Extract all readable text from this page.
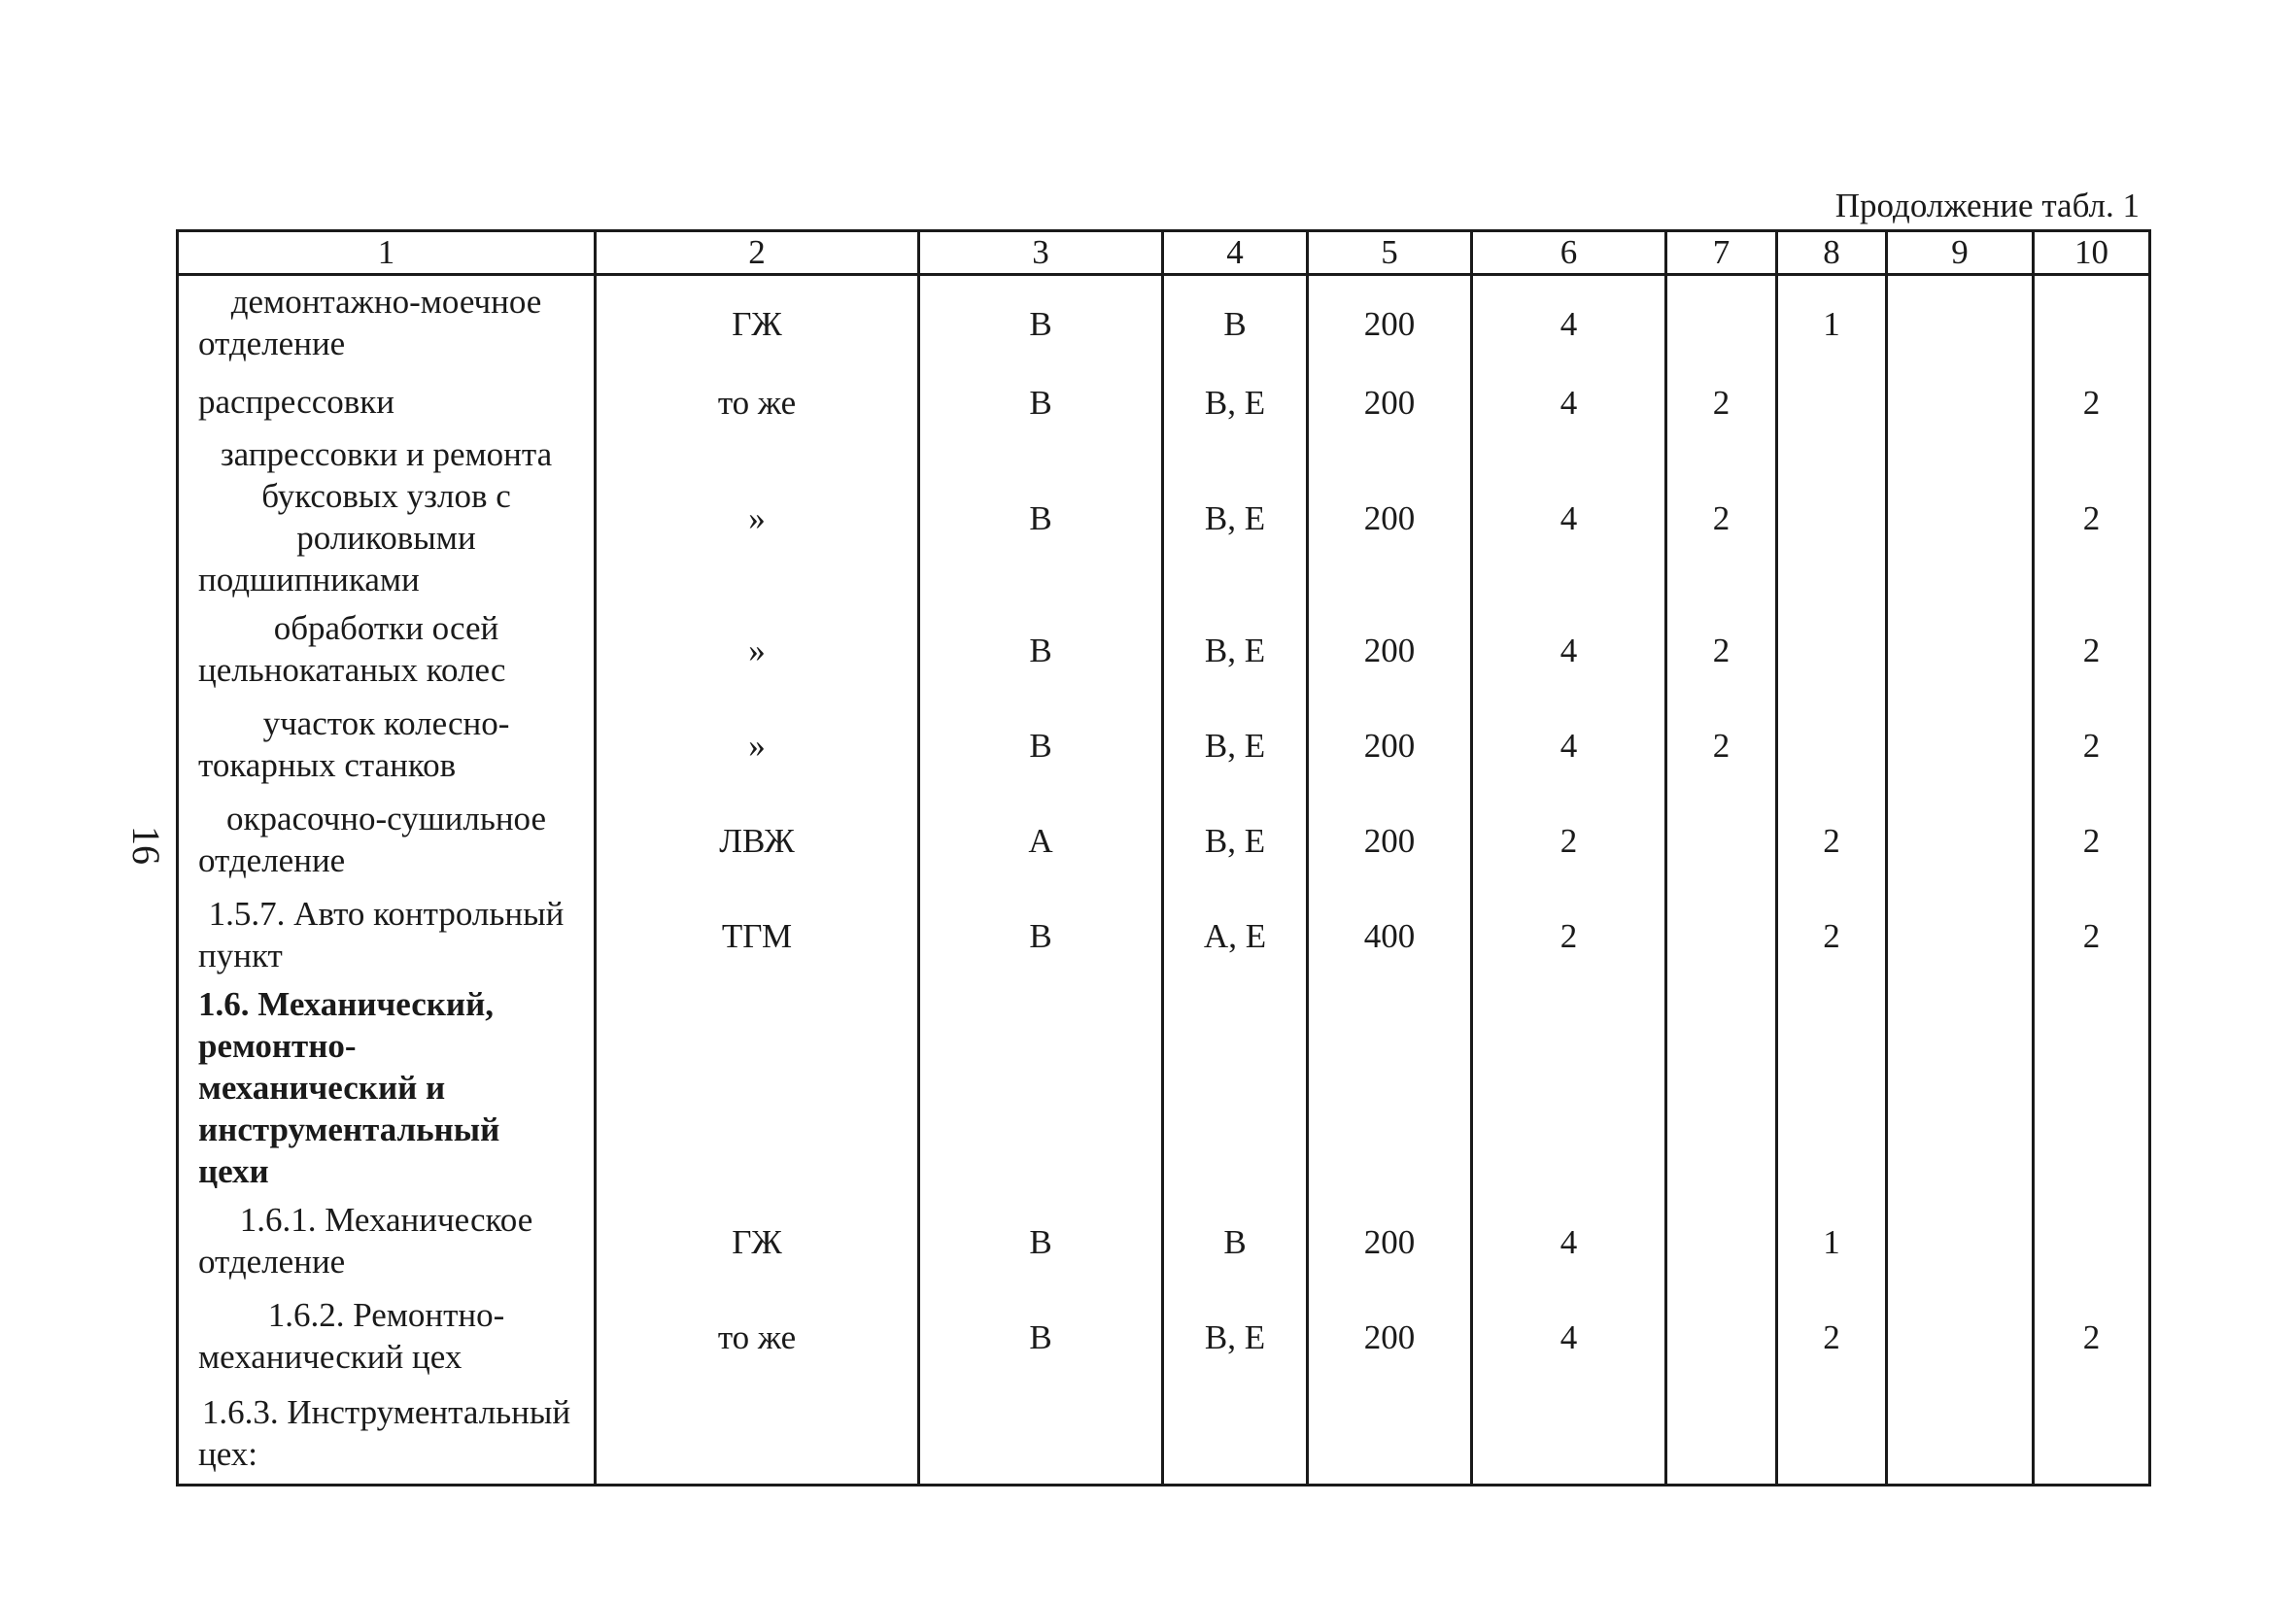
Продолжение табл. 1
16
1	2	3	4	5	6	7	8	9	10
демонтажно-моечное отделение	ГЖ	В	В	200	4		1		
распрессовки	то же	В	В, Е	200	4	2			2
запрессовки и ремонта буксовых узлов с роликовыми подшипниками	»	В	В, Е	200	4	2			2
обработки осей цельнокатаных колес	»	В	В, Е	200	4	2			2
участок колесно-токарных станков	»	В	В, Е	200	4	2			2
окрасочно-сушильное отделение	ЛВЖ	А	В, Е	200	2		2		2
1.5.7. Авто контрольный пункт	ТГМ	В	А, Е	400	2		2		2
1.6. Механический, ремонтно-механический и инструментальный цехи									
1.6.1. Механическое отделение	ГЖ	В	В	200	4		1		
1.6.2. Ремонтно-механический цех	то же	В	В, Е	200	4		2		2
1.6.3. Инструментальный цех:									
